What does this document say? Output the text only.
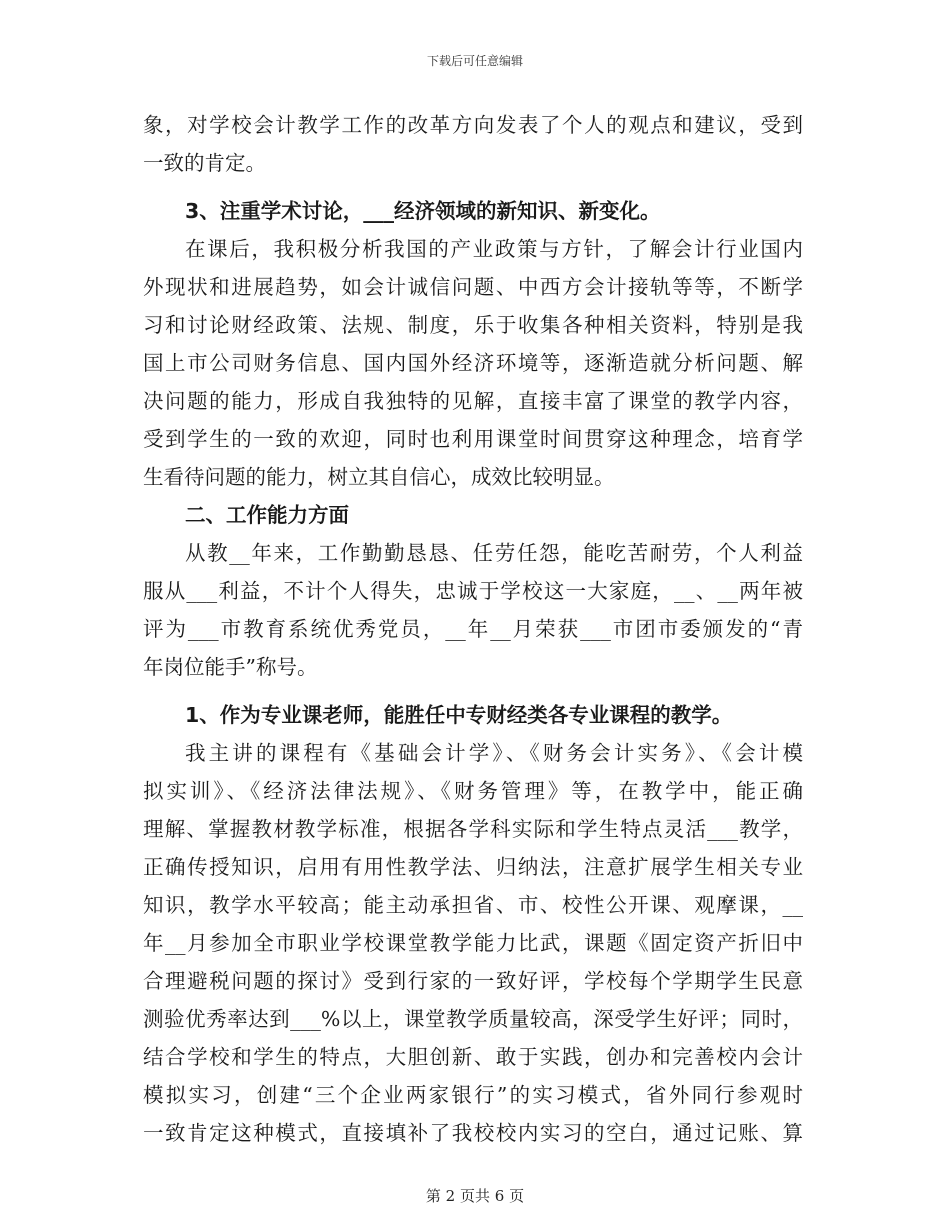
下载后可任意编辑
象，对学校会计教学工作的改革方向发表了个人的观点和建议，受到
一致的肯定。
3、注重学术讨论，___经济领域的新知识、新变化。
在课后，我积极分析我国的产业政策与方针，了解会计行业国内
外现状和进展趋势，如会计诚信问题、中西方会计接轨等等，不断学
习和讨论财经政策、法规、制度，乐于收集各种相关资料，特别是我
国上市公司财务信息、国内国外经济环境等，逐渐造就分析问题、解
决问题的能力，形成自我独特的见解，直接丰富了课堂的教学内容，
受到学生的一致的欢迎，同时也利用课堂时间贯穿这种理念，培育学
生看待问题的能力，树立其自信心，成效比较明显。
二、工作能力方面
从教__年来，工作勤勤恳恳、任劳任怨，能吃苦耐劳，个人利益
服从___利益，不计个人得失，忠诚于学校这一大家庭，__、__两年被
评为___市教育系统优秀党员，__年__月荣获___市团市委颁发的“青
年岗位能手”称号。
1、作为专业课老师，能胜任中专财经类各专业课程的教学。
我主讲的课程有《基础会计学》、《财务会计实务》、《会计模
拟实训》、《经济法律法规》、《财务管理》等，在教学中，能正确
理解、掌握教材教学标准，根据各学科实际和学生特点灵活___教学，
正确传授知识，启用有用性教学法、归纳法，注意扩展学生相关专业
知识，教学水平较高；能主动承担省、市、校性公开课、观摩课，__
年__月参加全市职业学校课堂教学能力比武，课题《固定资产折旧中
合理避税问题的探讨》受到行家的一致好评，学校每个学期学生民意
测验优秀率达到___%以上，课堂教学质量较高，深受学生好评；同时，
结合学校和学生的特点，大胆创新、敢于实践，创办和完善校内会计
模拟实习，创建“三个企业两家银行”的实习模式，省外同行参观时
一致肯定这种模式，直接填补了我校校内实习的空白，通过记账、算
第 2 页共 6 页
